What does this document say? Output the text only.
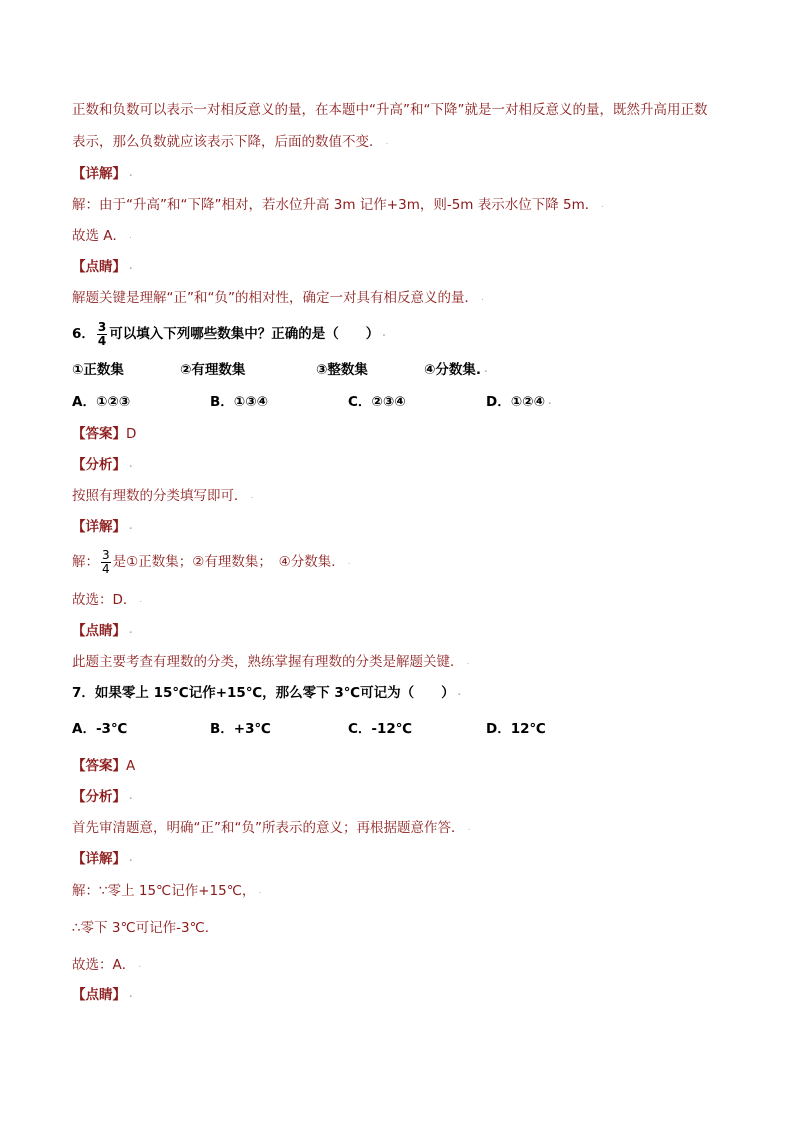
正数和负数可以表示一对相反意义的量，在本题中“升高”和“下降”就是一对相反意义的量，既然升高用正数
表示，那么负数就应该表示下降，后面的数值不变． .
【详解】 .
解：由于“升高”和“下降”相对，若水位升高 3m 记作+3m，则-5m 表示水位下降 5m． .
故选 A． .
【点睛】 .
解题关键是理解“正”和“负”的相对性，确定一对具有相反意义的量． .
6． $\frac{3}{4}$ 可以填入下列哪些数集中？正确的是（　　） .
①正数集	②有理数集	③整数集	④分数集. .
A．①②③	B．①③④	C．②③④	D．①②④ .
【答案】D
【分析】 .
按照有理数的分类填写即可． .
【详解】 .
解： $\frac{3}{4}$ 是①正数集；②有理数集；　④分数集． .
故选：D． .
【点睛】 .
此题主要考查有理数的分类，熟练掌握有理数的分类是解题关键． .
7．如果零上 15℃记作+15℃，那么零下 3℃可记为（　　） .
A．-3℃	B．+3℃	C．-12℃	D．12℃
【答案】A
【分析】 .
首先审清题意，明确“正”和“负”所表示的意义；再根据题意作答． .
【详解】 .
解：∵零上 15℃记作+15℃， .
∴零下 3℃可记作-3℃.
故选：A． .
【点睛】 .
